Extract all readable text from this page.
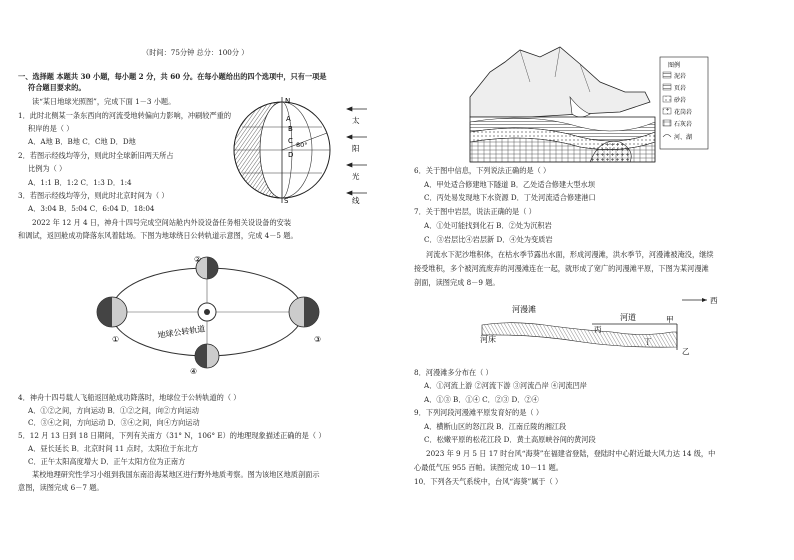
（时间：75分钟 总分：100分 ）
一、选择题 本题共 30 小题，每小题 2 分，共 60 分。在每小题给出的四个选项中，只有一项是
符合题目要求的。
读“某日地球光照图”，完成下面 1－3 小题。
1．此时北侧某一条东西向的河流受地转偏向力影响，冲刷较严重的
积岸的是（ ）
A．A地 B．B地 C．C地 D．D地
2．若图示经线均等分，则此时全球新旧两天所占
比例为（ ）
A．1:1 B．1:2 C．1:3 D．1:4
3．若图示经线均等分，则此时北京时间为（ ）
A．3:04 B．5:04 C．6:04 D．18:04
2022 年 12 月 4 日，神舟十四号完成空间站舱内外设设备任务相关设设备的安装
和调试，返回舱成功降落东风着陆场。下图为地球绕日公转轨道示意图，完成 4－5 题。
N
S
A
B
C
D
80°
太
阳
光
线
①
②
③
④
地球公转轨道
4．神舟十四号载人飞船返回舱成功降落时，地球位于公转轨道的（ ）
A．①②之间，方向运动 B．①②之间，向②方向运动
C．③④之间，方向运动 D．③④之间，向④方向运动
5．12 月 13 日到 18 日期间，下列有关南方（31° N，106° E）的地理现象描述正确的是（ ）
A．昼长延长 B．北京时间 11 点时，太阳位于东北方
C．正午太阳高度增大 D．正午太阳方位为正南方
某校地理研究性学习小组到我国东南沿海某地区进行野外地质考察。图为该地区地质剖面示
意图，读图完成 6－7 题。
图例
泥岩
页岩
砂岩
花岗岩
石灰岩
河、湖
6．关于图中信息，下列说法正确的是（ ）
A．甲处适合修建地下隧道 B．乙处适合修建大型水坝
C．丙处易发现地下水资源 D．丁处河流适合修建港口
7．关于图中岩层，说法正确的是（ ）
A．①处可能找到化石 B．②处为沉积岩
C．③岩层比④岩层新 D．④处为变质岩
河流水下泥沙堆积体，在枯水季节露出水面，形成河漫滩，洪水季节，河漫滩被淹没，继续
接受堆积，多个被河流废弃的河漫滩连在一起，就形成了宽广的河漫滩平原，下图为某河漫滩
剖面，读图完成 8－9 题。
西
河漫滩
河道
河床
丙
甲
丁
乙
8．河漫滩多分布在（ ）
A．①河流上游 ②河流下游 ③河流凸岸 ④河流凹岸
A．①③ B．①④ C．②③ D．②④
9．下列河段河漫滩平原发育好的是（ ）
A．横断山区的怒江段 B．江南丘陵的湘江段
C．松嫩平原的松花江段 D．黄土高原峡谷间的黄河段
2023 年 9 月 5 日 17 时台风“海葵”在福建省登陆，登陆时中心附近最大风力达 14 级，中
心最低气压 955 百帕。读图完成 10－11 题。
10．下列各天气系统中，台风“海葵”属于（ ）
